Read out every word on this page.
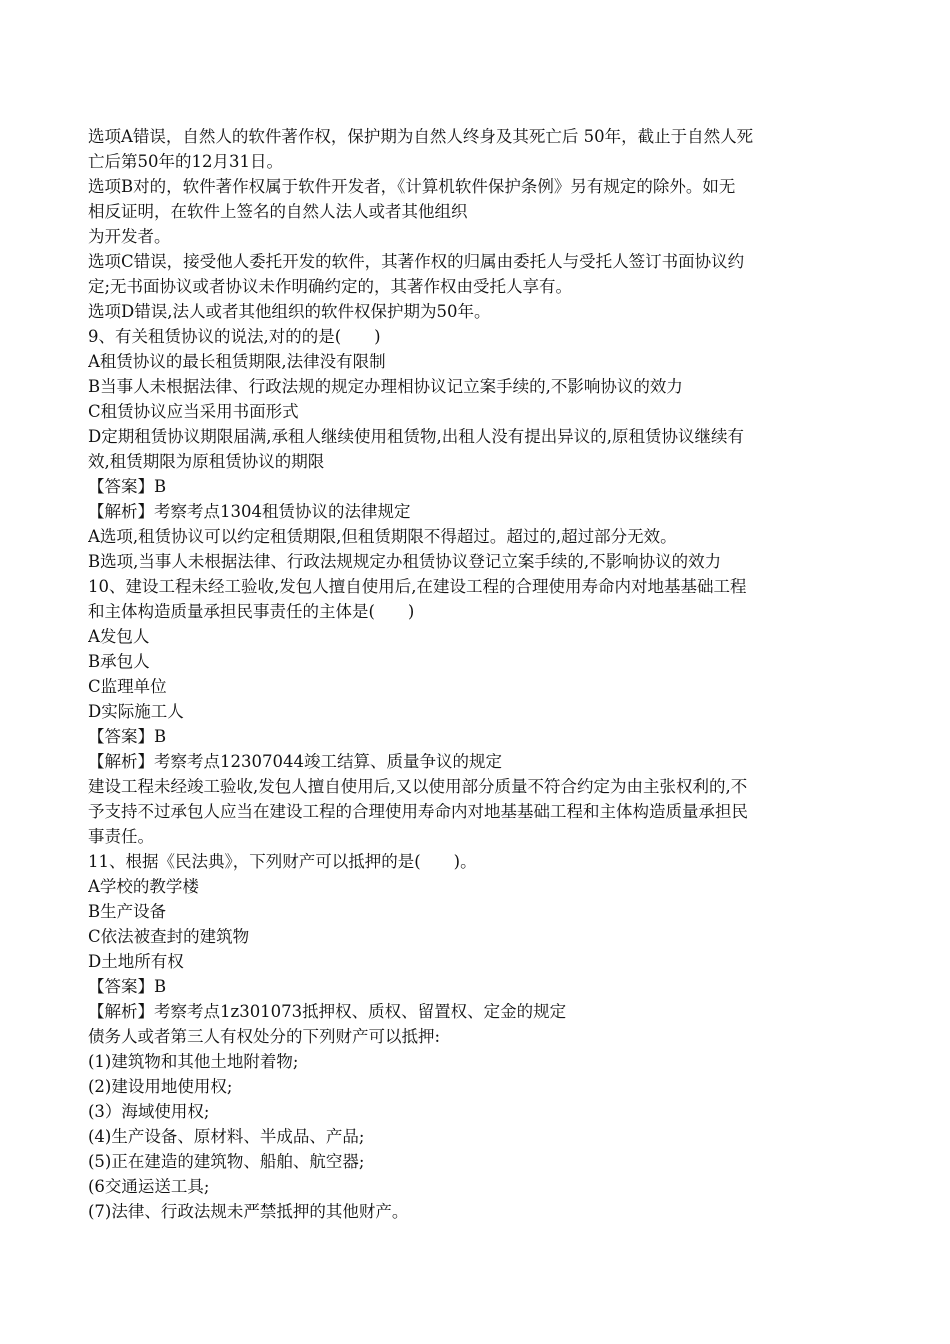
选项A错误，自然人的软件著作权，保护期为自然人终身及其死亡后 50年，截止于自然人死
亡后第50年的12月31日。
选项B对的，软件著作权属于软件开发者，《计算机软件保护条例》另有规定的除外。如无
相反证明，在软件上签名的自然人法人或者其他组织
为开发者。
选项C错误，接受他人委托开发的软件，其著作权的归属由委托人与受托人签订书面协议约
定;无书面协议或者协议未作明确约定的，其著作权由受托人享有。
选项D错误,法人或者其他组织的软件权保护期为50年。
9、有关租赁协议的说法,对的的是(　　)
A租赁协议的最长租赁期限,法律没有限制
B当事人未根据法律、行政法规的规定办理相协议记立案手续的,不影响协议的效力
C租赁协议应当采用书面形式
D定期租赁协议期限届满,承租人继续使用租赁物,出租人没有提出异议的,原租赁协议继续有
效,租赁期限为原租赁协议的期限
【答案】B
【解析】考察考点1304租赁协议的法律规定
A选项,租赁协议可以约定租赁期限,但租赁期限不得超过。超过的,超过部分无效。
B选项,当事人未根据法律、行政法规规定办租赁协议登记立案手续的,不影响协议的效力
10、建设工程未经工验收,发包人擅自使用后,在建设工程的合理使用寿命内对地基基础工程
和主体构造质量承担民事责任的主体是(　　)
A发包人
B承包人
C监理单位
D实际施工人
【答案】B
【解析】考察考点12307044竣工结算、质量争议的规定
建设工程未经竣工验收,发包人擅自使用后,又以使用部分质量不符合约定为由主张权利的,不
予支持不过承包人应当在建设工程的合理使用寿命内对地基基础工程和主体构造质量承担民
事责任。
11、根据《民法典》，下列财产可以抵押的是(　　)。
A学校的教学楼
B生产设备
C依法被查封的建筑物
D土地所有权
【答案】B
【解析】考察考点1z301073抵押权、质权、留置权、定金的规定
债务人或者第三人有权处分的下列财产可以抵押:
(1)建筑物和其他土地附着物;
(2)建设用地使用权;
(3）海域使用权;
(4)生产设备、原材料、半成品、产品;
(5)正在建造的建筑物、船舶、航空器;
(6交通运送工具;
(7)法律、行政法规未严禁抵押的其他财产。
